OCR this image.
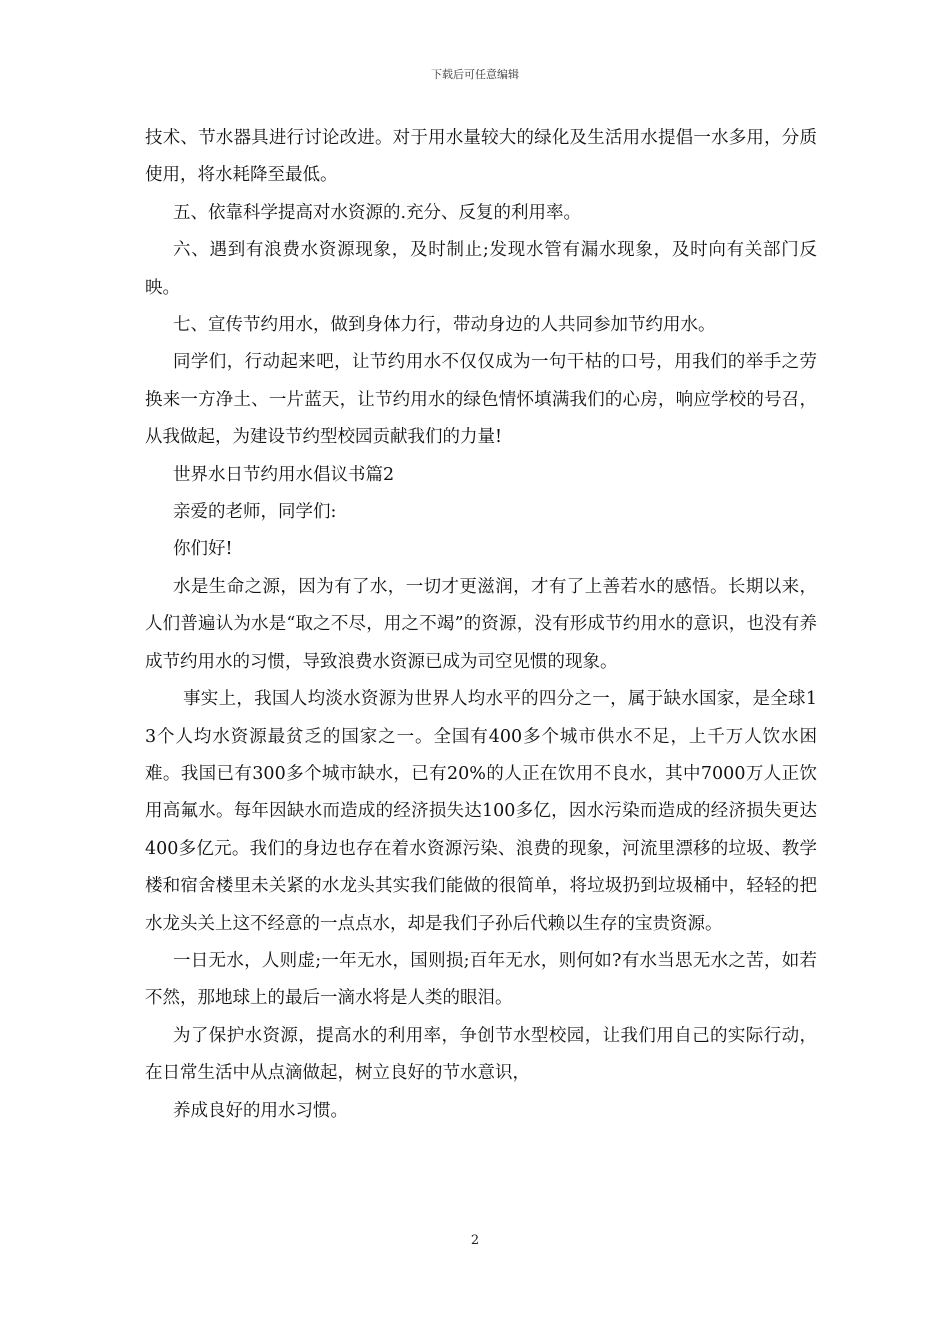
下载后可任意编辑

技术、节水器具进行讨论改进。对于用水量较大的绿化及生活用水提倡一水多用，分质使用，将水耗降至最低。

五、依靠科学提高对水资源的.充分、反复的利用率。

六、遇到有浪费水资源现象，及时制止;发现水管有漏水现象，及时向有关部门反映。

七、宣传节约用水，做到身体力行，带动身边的人共同参加节约用水。

同学们，行动起来吧，让节约用水不仅仅成为一句干枯的口号，用我们的举手之劳换来一方净土、一片蓝天，让节约用水的绿色情怀填满我们的心房，响应学校的号召，从我做起，为建设节约型校园贡献我们的力量!

世界水日节约用水倡议书篇2

亲爱的老师，同学们:

你们好!

水是生命之源，因为有了水，一切才更滋润，才有了上善若水的感悟。长期以来，人们普遍认为水是“取之不尽，用之不竭”的资源，没有形成节约用水的意识，也没有养成节约用水的习惯，导致浪费水资源已成为司空见惯的现象。

事实上，我国人均淡水资源为世界人均水平的四分之一，属于缺水国家，是全球13个人均水资源最贫乏的国家之一。全国有400多个城市供水不足，上千万人饮水困难。我国已有300多个城市缺水，已有20%的人正在饮用不良水，其中7000万人正饮用高氟水。每年因缺水而造成的经济损失达100多亿，因水污染而造成的经济损失更达400多亿元。我们的身边也存在着水资源污染、浪费的现象，河流里漂移的垃圾、教学楼和宿舍楼里未关紧的水龙头其实我们能做的很简单，将垃圾扔到垃圾桶中，轻轻的把水龙头关上这不经意的一点点水，却是我们子孙后代赖以生存的宝贵资源。

一日无水，人则虚;一年无水，国则损;百年无水，则何如?有水当思无水之苦，如若不然，那地球上的最后一滴水将是人类的眼泪。

为了保护水资源，提高水的利用率，争创节水型校园，让我们用自己的实际行动，在日常生活中从点滴做起，树立良好的节水意识，

养成良好的用水习惯。

2
